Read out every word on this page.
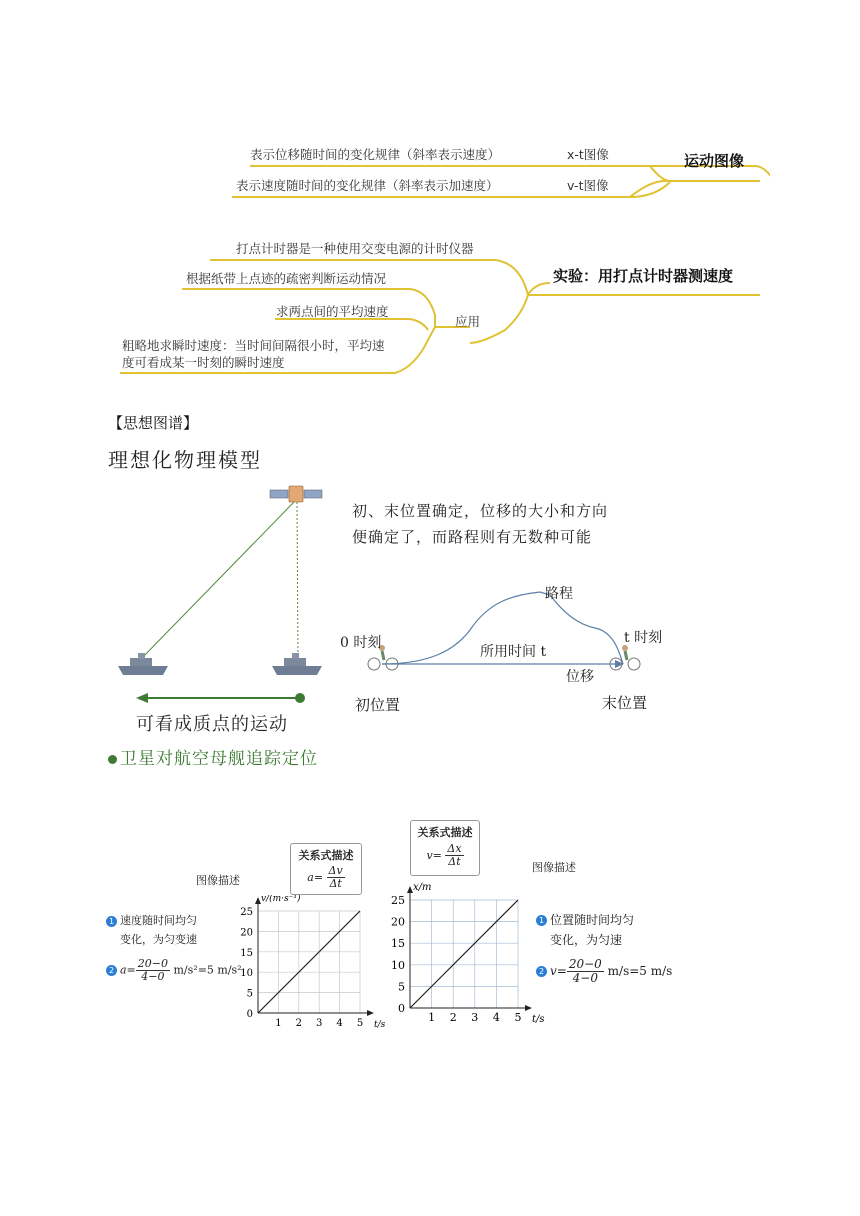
表示位移随时间的变化规律（斜率表示速度）	x-t图像
表示速度随时间的变化规律（斜率表示加速度）	v-t图像
运动图像
打点计时器是一种使用交变电源的计时仪器
根据纸带上点迹的疏密判断运动情况
求两点间的平均速度
应用
粗略地求瞬时速度：当时间间隔很小时，平均速
度可看成某一时刻的瞬时速度
实验：用打点计时器测速度
【思想图谱】
理想化物理模型
可看成质点的运动
卫星对航空母舰追踪定位
初、末位置确定，位移的大小和方向
便确定了，而路程则有无数种可能
路程
所用时间 t
位移
0 时刻	t 时刻
初位置	末位置
图像描述
关系式描述
$a= \frac{\Delta v}{\Delta t}$
1 速度随时间均匀
变化，为匀变速
2 $a= \frac{20-0}{4-0} m/s^2=5$ m/s²
1 2 3 4 5
0
5
10
15
20
25
v/(m·s⁻¹)
t/s
关系式描述
$v= \frac{\Delta x}{\Delta t}$	图像描述
1 位置随时间均匀
变化，为匀速
2 $v= \frac{20-0}{4-0} m/s=5$ m/s
1 2 3 4 5
0
5
10
15
20
25
x/m
t/s
